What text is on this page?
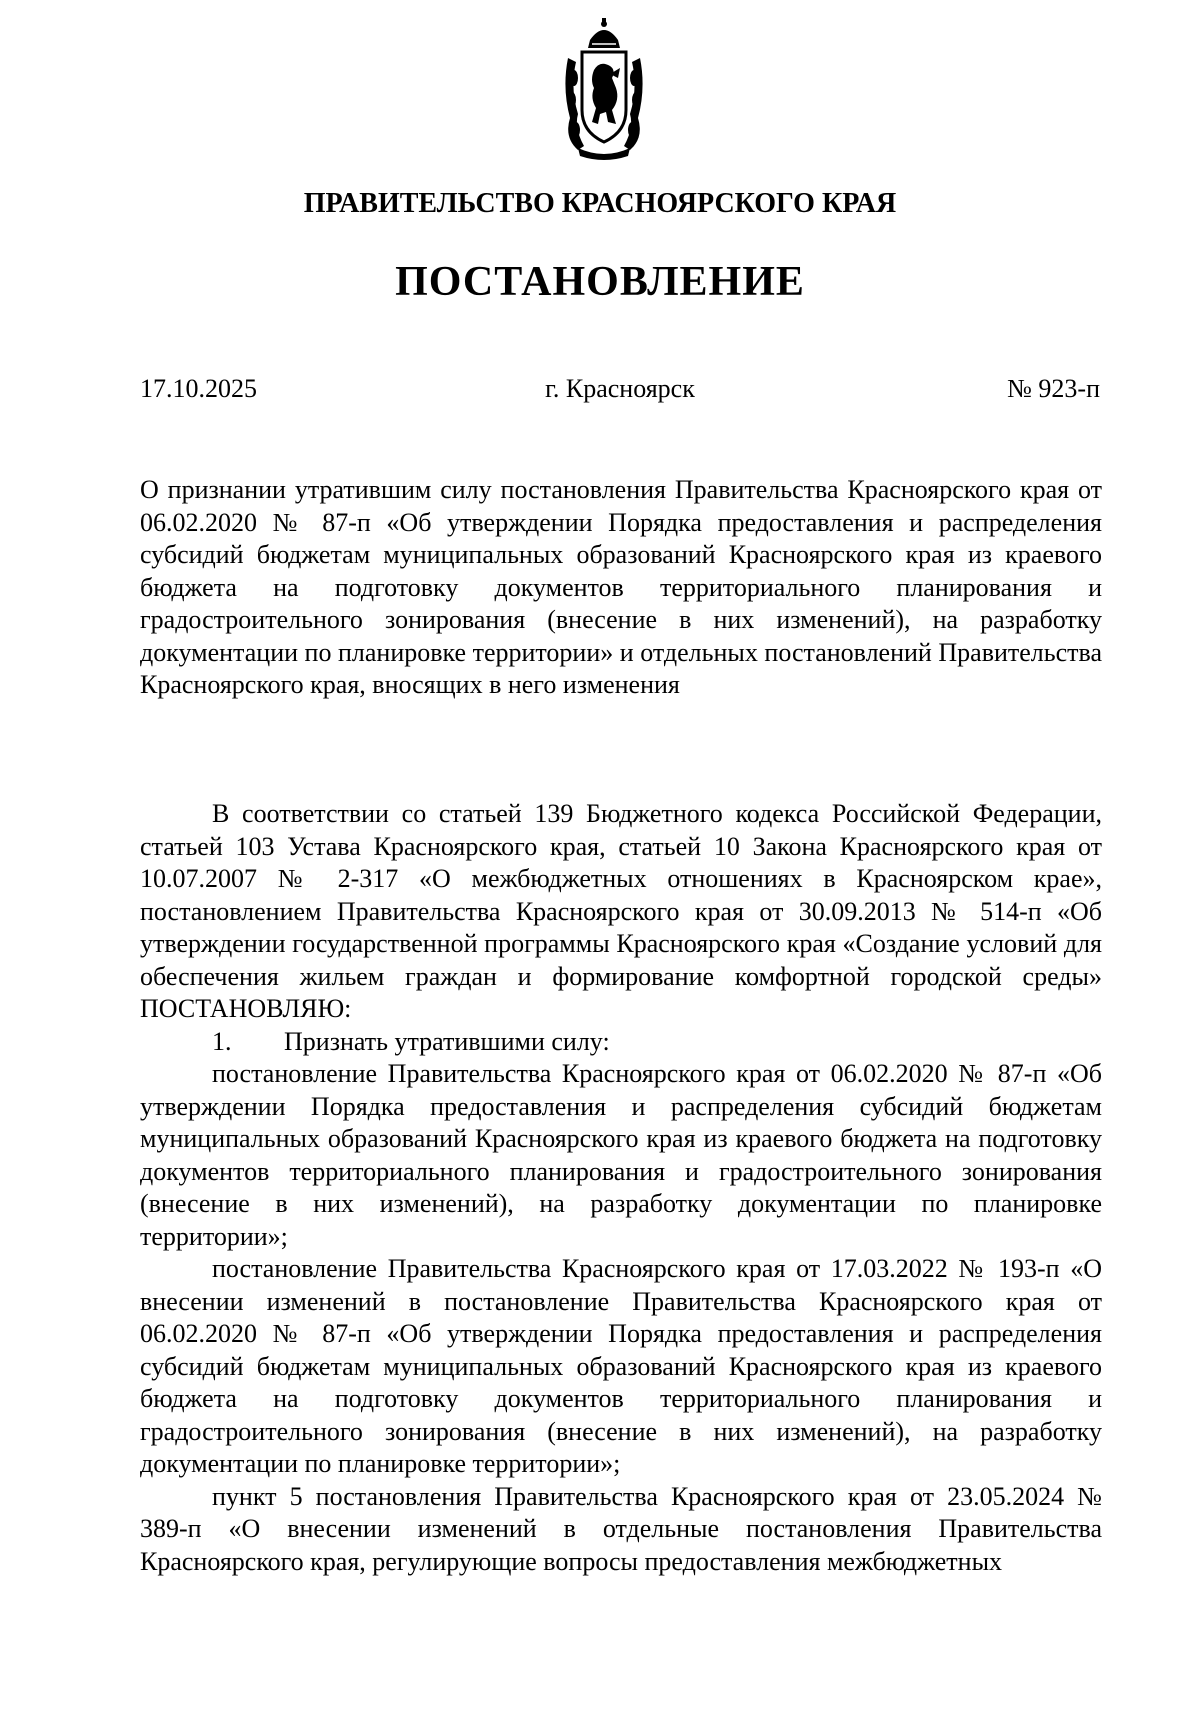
ПРАВИТЕЛЬСТВО КРАСНОЯРСКОГО КРАЯ
ПОСТАНОВЛЕНИЕ
г. Красноярск
17.10.2025	№ 923-п
О признании утратившим силу постановления Правительства Красноярского края от 06.02.2020 № 87-п «Об утверждении Порядка предоставления и распределения субсидий бюджетам муниципальных образований Красноярского края из краевого бюджета на подготовку документов территориального планирования и градостроительного зонирования (внесение в них изменений), на разработку документации по планировке территории» и отдельных постановлений Правительства Красноярского края, вносящих в него изменения

В соответствии со статьей 139 Бюджетного кодекса Российской Федерации, статьей 103 Устава Красноярского края, статьей 10 Закона Красноярского края от 10.07.2007 № 2-317 «О межбюджетных отношениях в Красноярском крае», постановлением Правительства Красноярского края от 30.09.2013 № 514-п «Об утверждении государственной программы Красноярского края «Создание условий для обеспечения жильем граждан и формирование комфортной городской среды» ПОСТАНОВЛЯЮ:

1. Признать утратившими силу:

постановление Правительства Красноярского края от 06.02.2020 № 87-п «Об утверждении Порядка предоставления и распределения субсидий бюджетам муниципальных образований Красноярского края из краевого бюджета на подготовку документов территориального планирования и градостроительного зонирования (внесение в них изменений), на разработку документации по планировке территории»;

постановление Правительства Красноярского края от 17.03.2022 № 193-п «О внесении изменений в постановление Правительства Красноярского края от 06.02.2020 № 87-п «Об утверждении Порядка предоставления и распределения субсидий бюджетам муниципальных образований Красноярского края из краевого бюджета на подготовку документов территориального планирования и градостроительного зонирования (внесение в них изменений), на разработку документации по планировке территории»;

пункт 5 постановления Правительства Красноярского края от 23.05.2024 № 389-п «О внесении изменений в отдельные постановления Правительства Красноярского края, регулирующие вопросы предоставления межбюджетных
